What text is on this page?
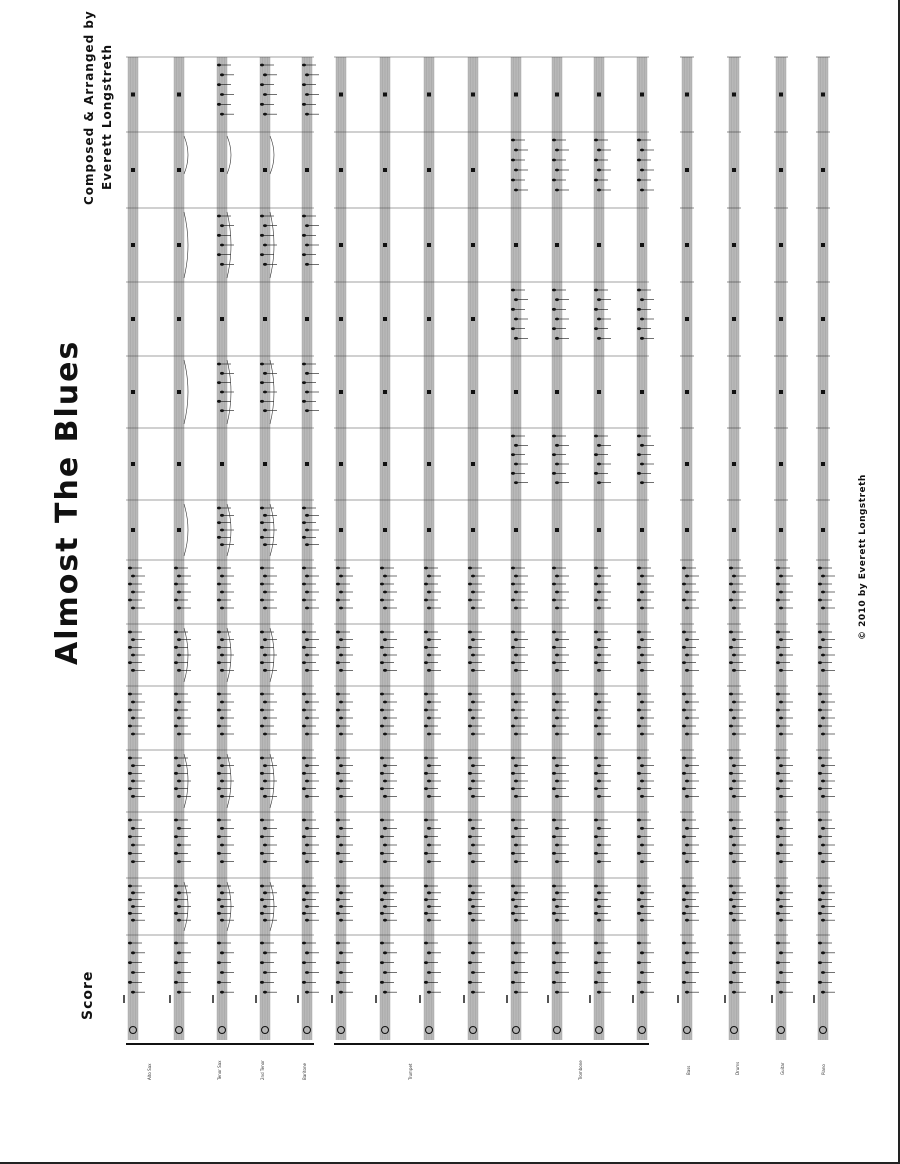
Almost The Blues
Score
Composed & Arranged by Everett Longstreth
© 2010 by Everett Longstreth
Alto Sax	Tenor Sax	2nd Tenor	Baritone	Trumpet	Trombone	Bass	Drums	Guitar	Piano
